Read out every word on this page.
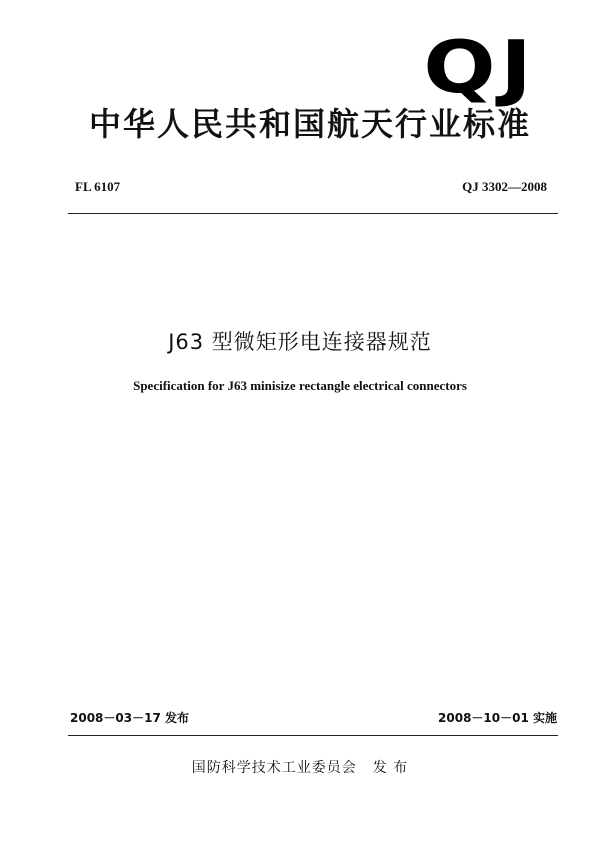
QJ
中华人民共和国航天行业标准
FL 6107	QJ 3302—2008
J63 型微矩形电连接器规范
Specification for J63 minisize rectangle electrical connectors
2008－03－17 发布	2008－10－01 实施
国防科学技术工业委员会 发 布
